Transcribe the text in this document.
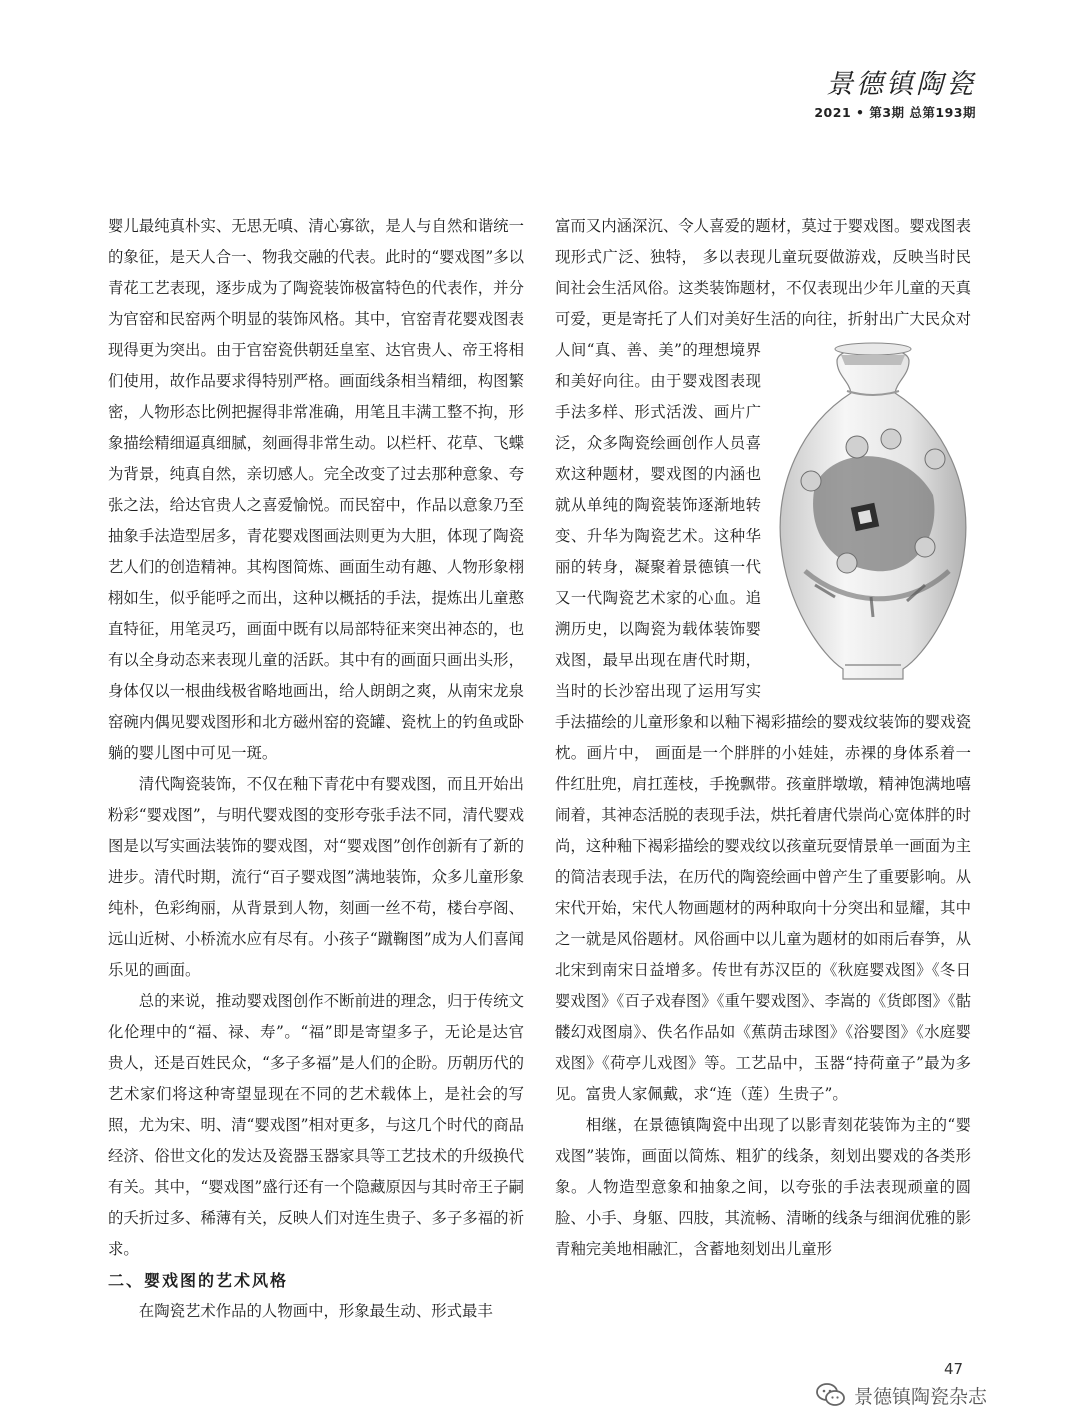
景德镇陶瓷
2021 • 第3期 总第193期

婴儿最纯真朴实、无思无嗔、清心寡欲，是人与自然和谐统一的象征，是天人合一、物我交融的代表。此时的“婴戏图”多以青花工艺表现，逐步成为了陶瓷装饰极富特色的代表作，并分为官窑和民窑两个明显的装饰风格。其中，官窑青花婴戏图表现得更为突出。由于官窑瓷供朝廷皇室、达官贵人、帝王将相们使用，故作品要求得特别严格。画面线条相当精细，构图繁密，人物形态比例把握得非常准确，用笔且丰满工整不拘，形象描绘精细逼真细腻，刻画得非常生动。以栏杆、花草、飞蝶为背景，纯真自然，亲切感人。完全改变了过去那种意象、夸张之法，给达官贵人之喜爱愉悦。而民窑中，作品以意象乃至抽象手法造型居多，青花婴戏图画法则更为大胆，体现了陶瓷艺人们的创造精神。其构图简炼、画面生动有趣、人物形象栩栩如生，似乎能呼之而出，这种以概括的手法，提炼出儿童憨直特征，用笔灵巧，画面中既有以局部特征来突出神态的，也有以全身动态来表现儿童的活跃。其中有的画面只画出头形，身体仅以一根曲线极省略地画出，给人朗朗之爽，从南宋龙泉窑碗内偶见婴戏图形和北方磁州窑的瓷罐、瓷枕上的钓鱼或卧躺的婴儿图中可见一斑。

清代陶瓷装饰，不仅在釉下青花中有婴戏图，而且开始出粉彩“婴戏图”，与明代婴戏图的变形夸张手法不同，清代婴戏图是以写实画法装饰的婴戏图，对“婴戏图”创作创新有了新的进步。清代时期，流行“百子婴戏图”满地装饰，众多儿童形象纯朴，色彩绚丽，从背景到人物，刻画一丝不苟，楼台亭阁、远山近树、小桥流水应有尽有。小孩子“蹴鞠图”成为人们喜闻乐见的画面。

总的来说，推动婴戏图创作不断前进的理念，归于传统文化伦理中的“福、禄、寿”。“福”即是寄望多子，无论是达官贵人，还是百姓民众，“多子多福”是人们的企盼。历朝历代的艺术家们将这种寄望显现在不同的艺术载体上，是社会的写照，尤为宋、明、清“婴戏图”相对更多，与这几个时代的商品经济、俗世文化的发达及瓷器玉器家具等工艺技术的升级换代有关。其中，“婴戏图”盛行还有一个隐藏原因与其时帝王子嗣的夭折过多、稀薄有关，反映人们对连生贵子、多子多福的祈求。

二、婴戏图的艺术风格

在陶瓷艺术作品的人物画中，形象最生动、形式最丰

富而又内涵深沉、令人喜爱的题材，莫过于婴戏图。婴戏图表现形式广泛、独特， 多以表现儿童玩耍做游戏，反映当时民间社会生活风俗。这类装饰题材，不仅表现出少年儿童的天真可爱，更是寄托了人们对美好生活的向往，折射出广大民众对人间“真、善、美”的理想境界和美好向往。由于婴戏图表现手法多样、形式活泼、画片广泛，众多陶瓷绘画创作人员喜欢这种题材，婴戏图的内涵也就从单纯的陶瓷装饰逐渐地转变、升华为陶瓷艺术。这种华丽的转身，凝聚着景德镇一代又一代陶瓷艺术家的心血。追溯历史，以陶瓷为载体装饰婴戏图，最早出现在唐代时期，当时的长沙窑出现了运用写实手法描绘的儿童形象和以釉下褐彩描绘的婴戏纹装饰的婴戏瓷枕。画片中， 画面是一个胖胖的小娃娃，赤裸的身体系着一件红肚兜，肩扛莲枝，手挽飘带。孩童胖墩墩，精神饱满地嘻闹着，其神态活脱的表现手法，烘托着唐代崇尚心宽体胖的时尚，这种釉下褐彩描绘的婴戏纹以孩童玩耍情景单一画面为主的简洁表现手法，在历代的陶瓷绘画中曾产生了重要影响。从宋代开始，宋代人物画题材的两种取向十分突出和显耀，其中之一就是风俗题材。风俗画中以儿童为题材的如雨后春笋，从北宋到南宋日益增多。传世有苏汉臣的《秋庭婴戏图》《冬日婴戏图》《百子戏春图》《重午婴戏图》、李嵩的《货郎图》《骷髅幻戏图扇》、佚名作品如《蕉荫击球图》《浴婴图》《水庭婴戏图》《荷亭儿戏图》等。工艺品中，玉器“持荷童子”最为多见。富贵人家佩戴，求“连（莲）生贵子”。

相继，在景德镇陶瓷中出现了以影青刻花装饰为主的“婴戏图”装饰，画面以简炼、粗犷的线条，刻划出婴戏的各类形象。人物造型意象和抽象之间，以夸张的手法表现顽童的圆脸、小手、身躯、四肢，其流畅、清晰的线条与细润优雅的影青釉完美地相融汇，含蓄地刻划出儿童形

47
景德镇陶瓷杂志
